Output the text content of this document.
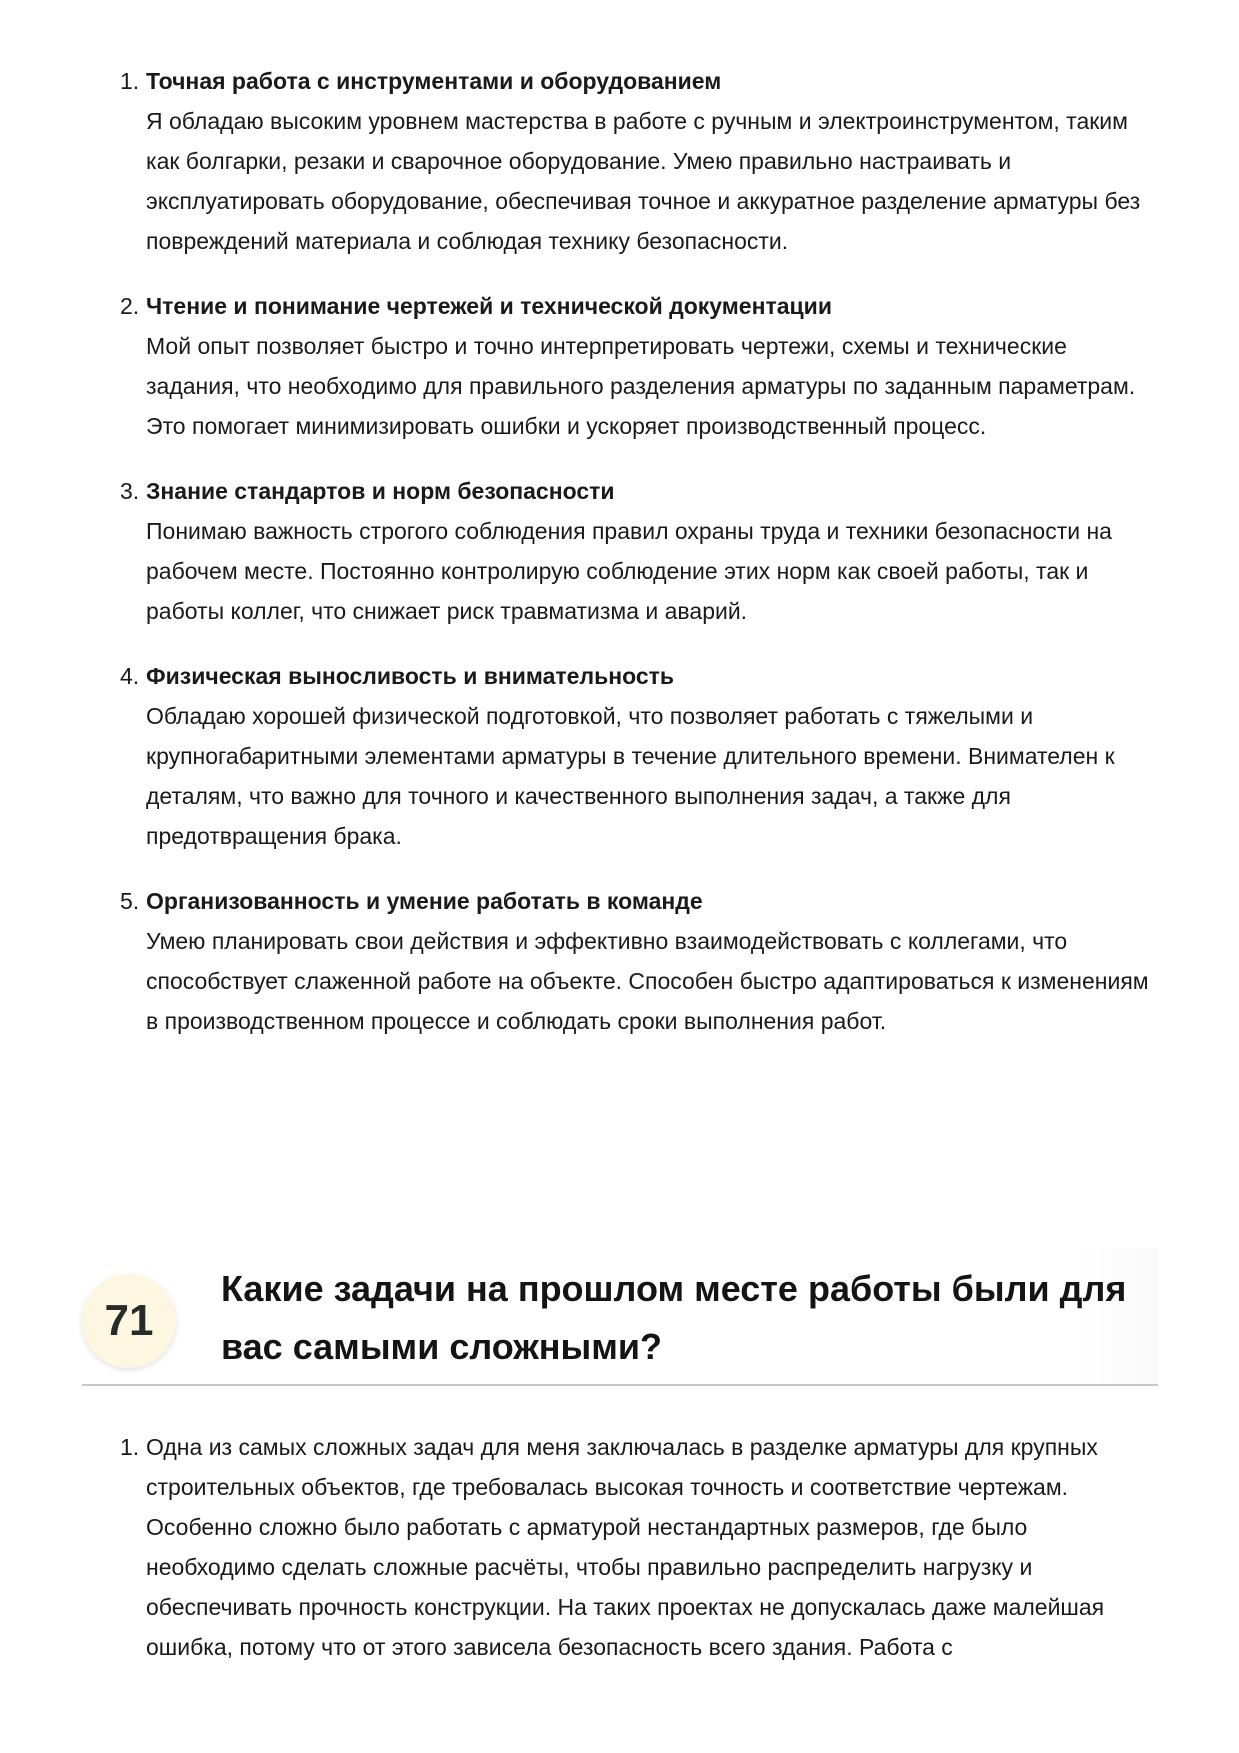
1. Точная работа с инструментами и оборудованием
Я обладаю высоким уровнем мастерства в работе с ручным и электроинструментом, таким как болгарки, резаки и сварочное оборудование. Умею правильно настраивать и эксплуатировать оборудование, обеспечивая точное и аккуратное разделение арматуры без повреждений материала и соблюдая технику безопасности.
2. Чтение и понимание чертежей и технической документации
Мой опыт позволяет быстро и точно интерпретировать чертежи, схемы и технические задания, что необходимо для правильного разделения арматуры по заданным параметрам. Это помогает минимизировать ошибки и ускоряет производственный процесс.
3. Знание стандартов и норм безопасности
Понимаю важность строгого соблюдения правил охраны труда и техники безопасности на рабочем месте. Постоянно контролирую соблюдение этих норм как своей работы, так и работы коллег, что снижает риск травматизма и аварий.
4. Физическая выносливость и внимательность
Обладаю хорошей физической подготовкой, что позволяет работать с тяжелыми и крупногабаритными элементами арматуры в течение длительного времени. Внимателен к деталям, что важно для точного и качественного выполнения задач, а также для предотвращения брака.
5. Организованность и умение работать в команде
Умею планировать свои действия и эффективно взаимодействовать с коллегами, что способствует слаженной работе на объекте. Способен быстро адаптироваться к изменениям в производственном процессе и соблюдать сроки выполнения работ.
71
Какие задачи на прошлом месте работы были для вас самыми сложными?
1. Одна из самых сложных задач для меня заключалась в разделке арматуры для крупных строительных объектов, где требовалась высокая точность и соответствие чертежам. Особенно сложно было работать с арматурой нестандартных размеров, где было необходимо сделать сложные расчёты, чтобы правильно распределить нагрузку и обеспечивать прочность конструкции. На таких проектах не допускалась даже малейшая ошибка, потому что от этого зависела безопасность всего здания. Работа с
